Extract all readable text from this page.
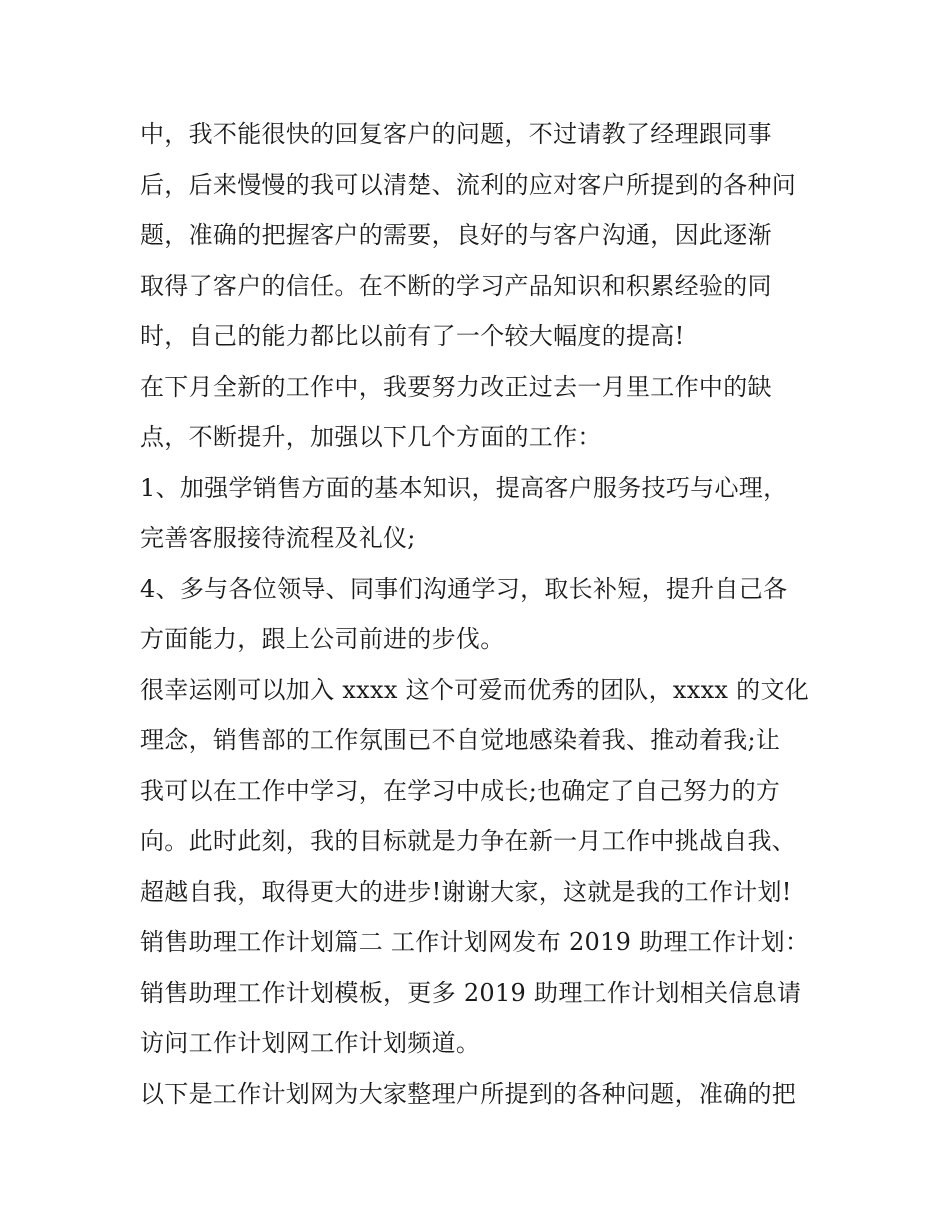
中，我不能很快的回复客户的问题，不过请教了经理跟同事
后，后来慢慢的我可以清楚、流利的应对客户所提到的各种问
题，准确的把握客户的需要，良好的与客户沟通，因此逐渐
取得了客户的信任。在不断的学习产品知识和积累经验的同
时，自己的能力都比以前有了一个较大幅度的提高!
在下月全新的工作中，我要努力改正过去一月里工作中的缺
点，不断提升，加强以下几个方面的工作：
1、加强学销售方面的基本知识，提高客户服务技巧与心理，
完善客服接待流程及礼仪;
4、多与各位领导、同事们沟通学习，取长补短，提升自己各
方面能力，跟上公司前进的步伐。
很幸运刚可以加入 xxxx 这个可爱而优秀的团队，xxxx 的文化
理念，销售部的工作氛围已不自觉地感染着我、推动着我;让
我可以在工作中学习，在学习中成长;也确定了自己努力的方
向。此时此刻，我的目标就是力争在新一月工作中挑战自我、
超越自我，取得更大的进步!谢谢大家，这就是我的工作计划!
销售助理工作计划篇二 工作计划网发布 2019 助理工作计划：
销售助理工作计划模板，更多 2019 助理工作计划相关信息请
访问工作计划网工作计划频道。
以下是工作计划网为大家整理户所提到的各种问题，准确的把
